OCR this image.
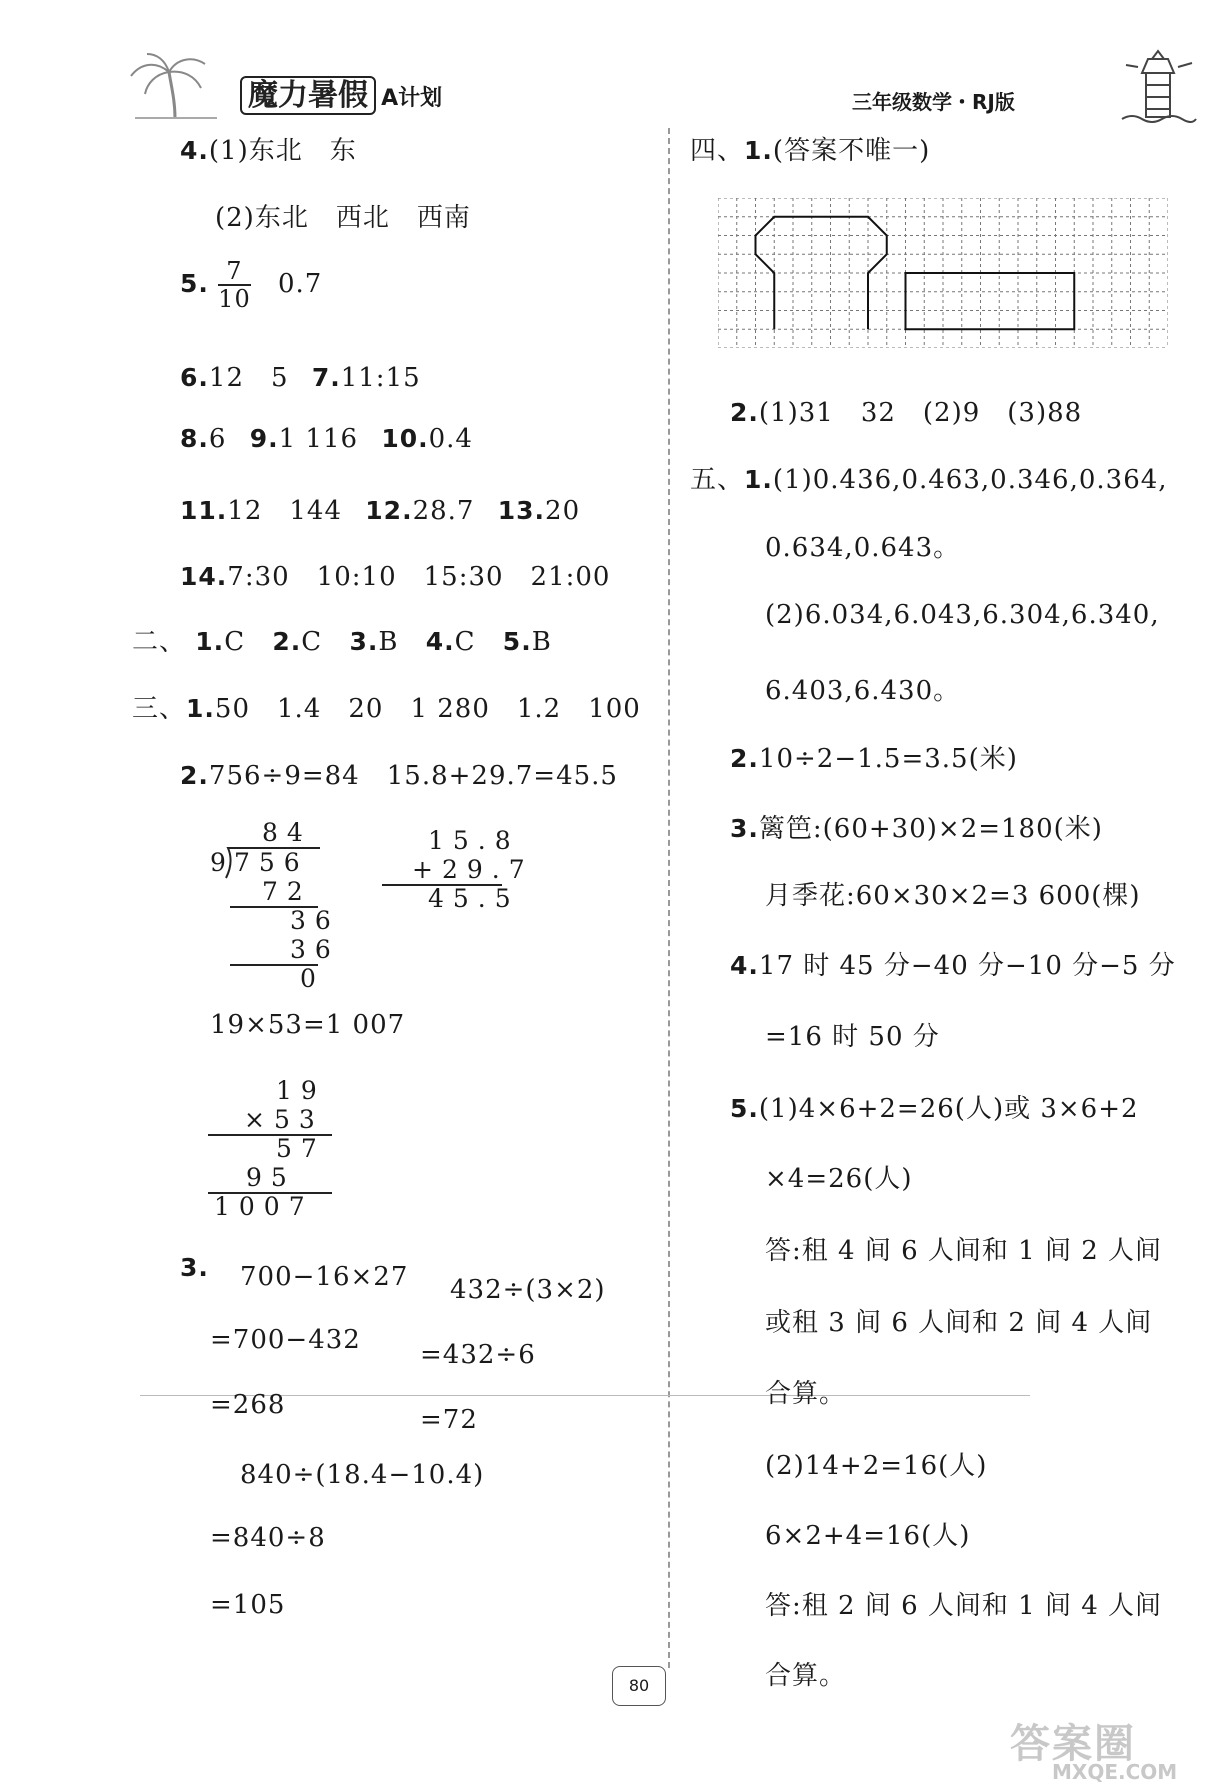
魔力暑假 A计划	三年级数学・RJ版
4.(1)东北　东
(2)东北　西北　西南
5. $\frac{7}{10} 0.7$
6.12　5 7.11:15
8.6 9.1 116 10.0.4
11.12　144 12.28.7 13.20
14.7:30　10:10　15:30　21:00
二、 1.C 2.C 3.B 4.C 5.B
三、1.50　1.4　20　1 280　1.2　100
2.756÷9=84　15.8+29.7=45.5
84
9 756
72
36
36
0
15.8
+29.7
45.5
19×53=1 007
19
×53
57
95
1007
3. 700−16×27
=700−432
=268
432÷(3×2)
=432÷6
=72
840÷(18.4−10.4)
=840÷8
=105
四、1.(答案不唯一)
2.(1)31　32　(2)9　(3)88
五、1.(1)0.436,0.463,0.346,0.364,
0.634,0.643。
(2)6.034,6.043,6.304,6.340,
6.403,6.430。
2.10÷2−1.5=3.5(米)
3.篱笆:(60+30)×2=180(米)
月季花:60×30×2=3 600(棵)
4.17 时 45 分−40 分−10 分−5 分
=16 时 50 分
5.(1)4×6+2=26(人)或 3×6+2
×4=26(人)
答:租 4 间 6 人间和 1 间 2 人间
或租 3 间 6 人间和 2 间 4 人间
合算。
(2)14+2=16(人)
6×2+4=16(人)
答:租 2 间 6 人间和 1 间 4 人间
合算。
80
答案圈
MXQE.COM
